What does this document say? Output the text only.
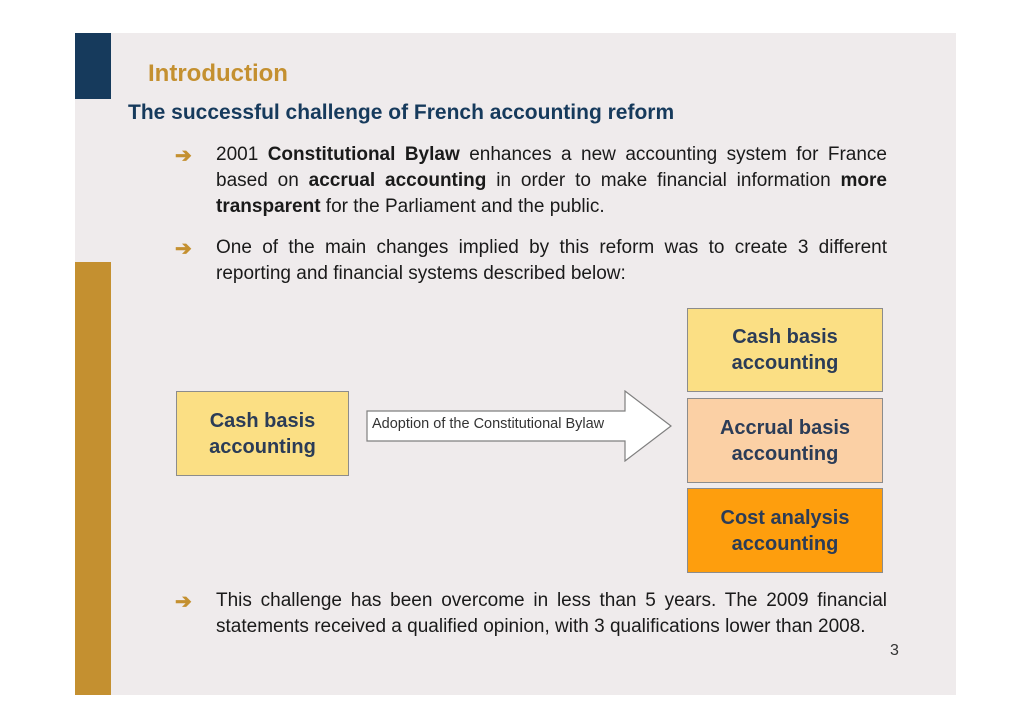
Introduction
The successful challenge of French accounting reform
➔ 2001 Constitutional Bylaw enhances a new accounting system for France based on accrual accounting in order to make financial information more transparent for the Parliament and the public.
➔ One of the main changes implied by this reform was to create 3 different reporting and financial systems described below:
Cash basis
accounting
Adoption of the Constitutional Bylaw
Cash basis
accounting
Accrual basis
accounting
Cost analysis
accounting
➔ This challenge has been overcome in less than 5 years. The 2009 financial statements received a qualified opinion, with 3 qualifications lower than 2008.
3
